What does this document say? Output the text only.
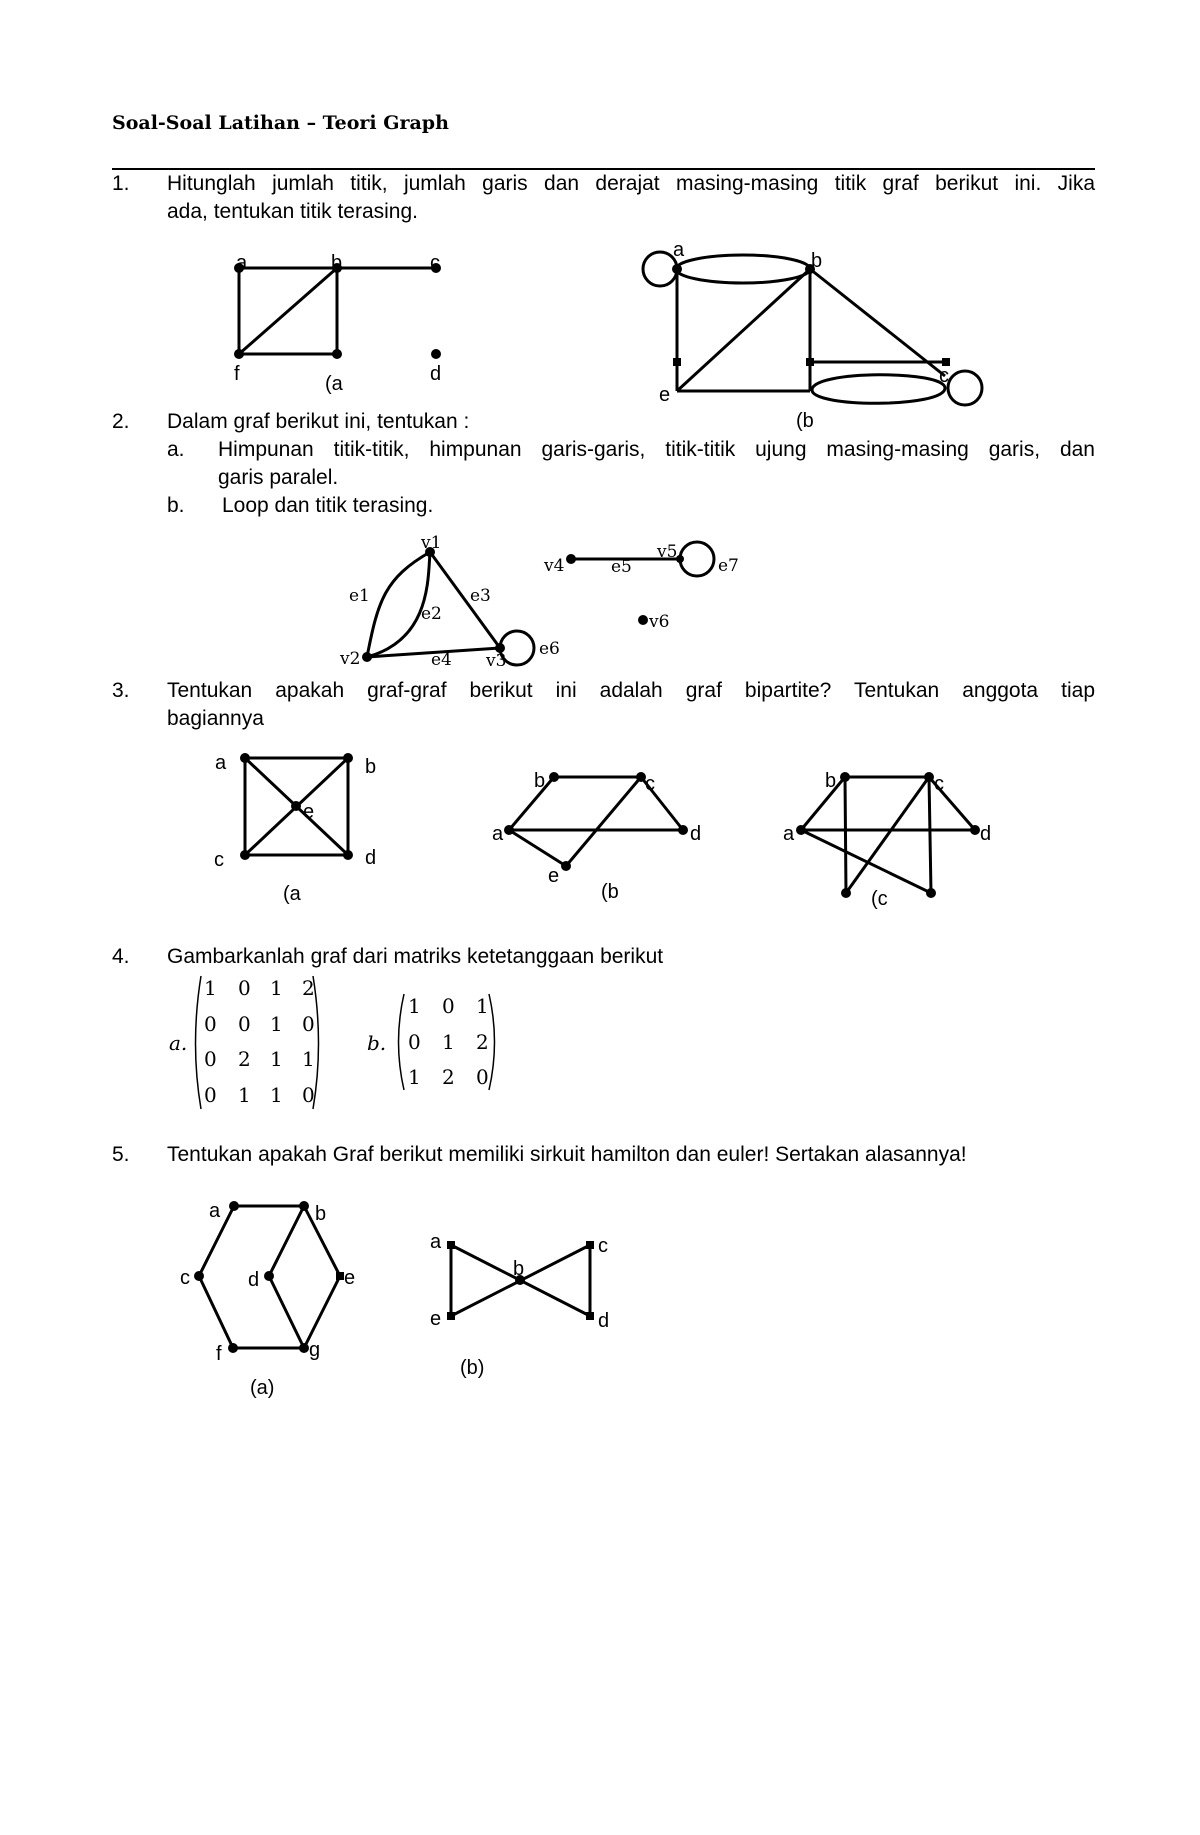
Soal-Soal Latihan – Teori Graph
1. Hitunglah jumlah titik, jumlah garis dan derajat masing-masing titik graf berikut ini. Jika
ada, tentukan titik terasing.
2. Dalam graf berikut ini, tentukan :
a. Himpunan titik-titik, himpunan garis-garis, titik-titik ujung masing-masing garis, dan
garis paralel.
b. Loop dan titik terasing.
3. Tentukan apakah graf-graf berikut ini adalah graf bipartite? Tentukan anggota tiap
bagiannya
4. Gambarkanlah graf dari matriks ketetanggaan berikut
5. Tentukan apakah Graf berikut memiliki sirkuit hamilton dan euler! Sertakan alasannya!
a	b	c
d
f	(a
a	b
c
e
(b
v1
v2	v3
v4
v5
v6
e1
e2
e3
e4
e5
e6
e7
a	b
c	d
e
(a
a
b	c
d
e
(b
a
b	c
d
(c
a.
1 0 1 2
0 0 1 0
0 2 1 1
0 1 1 0
b.
1 0 1
0 1 2
1 2 0
a	b
c	d	e
f	g
(a)
a
b
c
d
e
(b)
